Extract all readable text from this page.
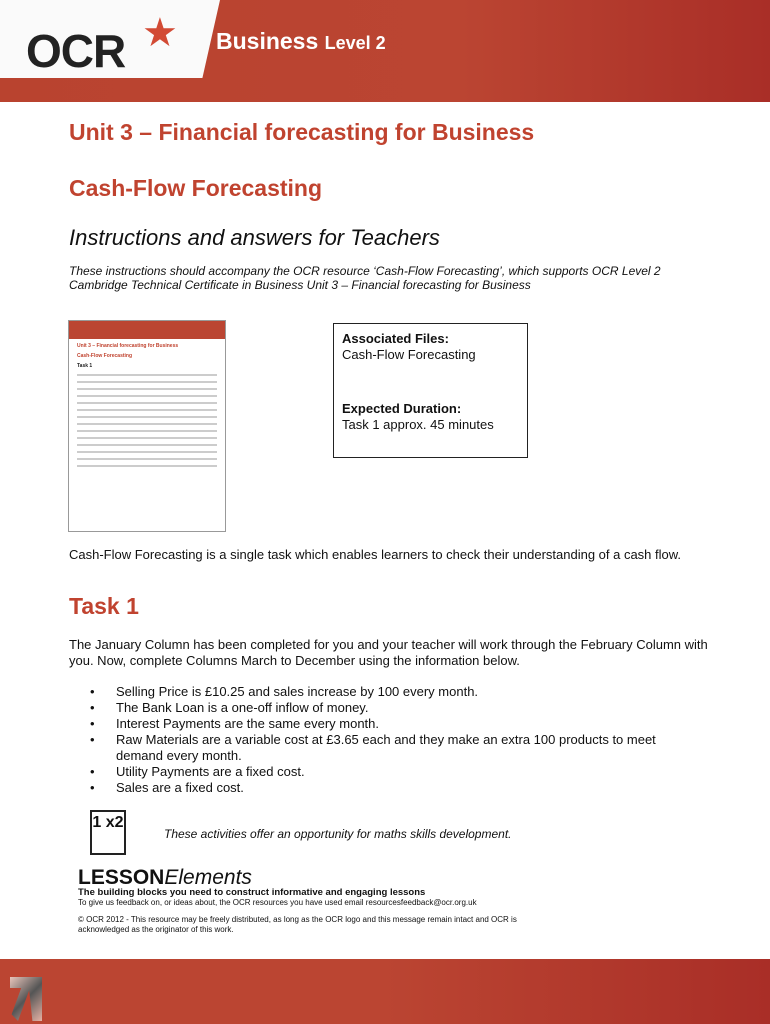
OCR ★ Business Level 2
Unit 3 – Financial forecasting for Business
Cash-Flow Forecasting
Instructions and answers for Teachers
These instructions should accompany the OCR resource ‘Cash-Flow Forecasting’, which supports OCR Level 2 Cambridge Technical Certificate in Business Unit 3 – Financial forecasting for Business
Unit 3 – Financial forecasting for Business
Cash-Flow Forecasting
Task 1
Associated Files:
Cash-Flow Forecasting
Expected Duration:
Task 1 approx. 45 minutes
Cash-Flow Forecasting is a single task which enables learners to check their understanding of a cash flow.
Task 1
The January Column has been completed for you and your teacher will work through the February Column with you. Now, complete Columns March to December using the information below.
• Selling Price is £10.25 and sales increase by 100 every month.
• The Bank Loan is a one-off inflow of money.
• Interest Payments are the same every month.
• Raw Materials are a variable cost at £3.65 each and they make an extra 100 products to meet demand every month.
• Utility Payments are a fixed cost.
• Sales are a fixed cost.
1 x2
These activities offer an opportunity for maths skills development.
LESSONElements
The building blocks you need to construct informative and engaging lessons
To give us feedback on, or ideas about, the OCR resources you have used email resourcesfeedback@ocr.org.uk
© OCR 2012 - This resource may be freely distributed, as long as the OCR logo and this message remain intact and OCR is acknowledged as the originator of this work.
